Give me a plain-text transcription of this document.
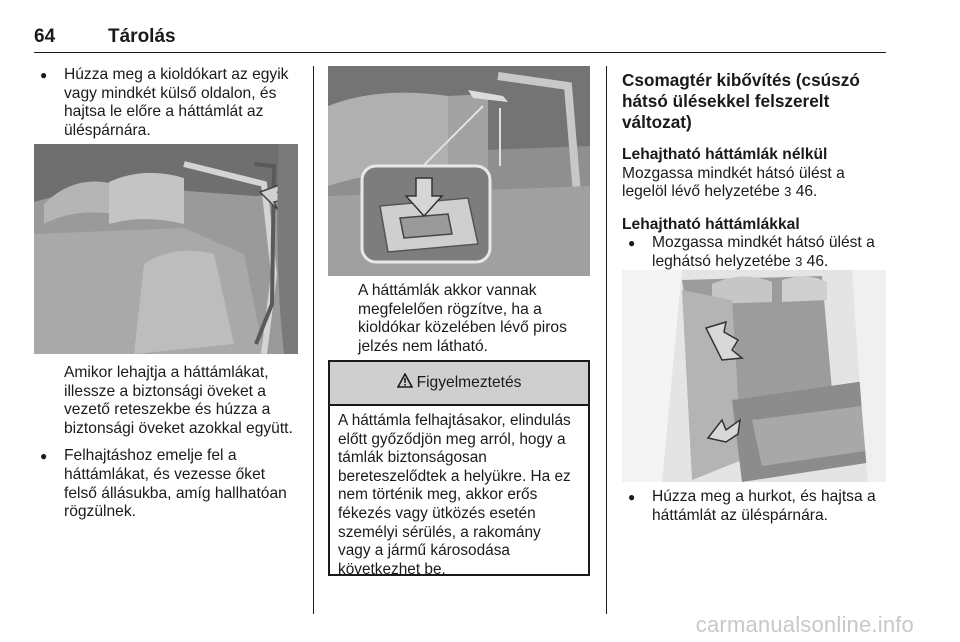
64	Tárolás
● Húzza meg a kioldókart az egyik
vagy mindkét külső oldalon, és
hajtsa le előre a háttámlát az
üléspárnára.
Amikor lehajtja a háttámlákat,
illessze a biztonsági öveket a
vezető reteszekbe és húzza a
biztonsági öveket azokkal együtt.
● Felhajtáshoz emelje fel a
háttámlákat, és vezesse őket
felső állásukba, amíg hallhatóan
rögzülnek.
A háttámlák akkor vannak
megfelelően rögzítve, ha a
kioldókar közelében lévő piros
jelzés nem látható.
Figyelmeztetés
A háttámla felhajtásakor, elindulás
előtt győződjön meg arról, hogy a
támlák biztonságosan
bereteszelődtek a helyükre. Ha ez
nem történik meg, akkor erős
fékezés vagy ütközés esetén
személyi sérülés, a rakomány
vagy a jármű károsodása
következhet be.
Csomagtér kibővítés (csúszó
hátsó ülésekkel felszerelt
változat)
Lehajtható háttámlák nélkül
Mozgassa mindkét hátsó ülést a
legelöl lévő helyzetébe 3 46.
Lehajtható háttámlákkal
● Mozgassa mindkét hátsó ülést a
leghátsó helyzetébe 3 46.
● Húzza meg a hurkot, és hajtsa a
háttámlát az üléspárnára.
carmanualsonline.info
